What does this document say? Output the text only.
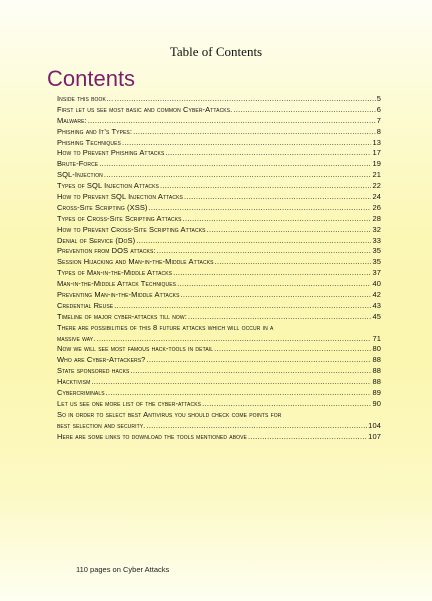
Table of Contents
Contents
Inside this book… .....	5
First let us see most basic and common Cyber-Attacks. .....	6
Malware: .....	7
Phishing and It’s Types: .....	8
Phishing Techniques .....	13
How to Prevent Phishing Attacks .....	17
Brute-Force .....	19
SQL-Injection .....	21
Types of SQL Injection Attacks .....	22
How to Prevent SQL Injection Attacks .....	24
Cross-Site Scripting (XSS) .....	26
Types of Cross-Site Scripting Attacks .....	28
How to Prevent Cross-Site Scripting Attacks .....	32
Denial of Service (DoS) .....	33
Prevention from DOS attacks: .....	35
Session Hijacking and Man-in-the-Middle Attacks .....	35
Types of Man-in-the-Middle Attacks .....	37
Man-in-the-Middle Attack Techniques .....	40
Preventing Man-in-the-Middle Attacks .....	42
Credential Reuse .....	43
Timeline of major cyber-attacks till now: .....	45
There are possibilities of this 8 future attacks which will occur in a
massive way. .....	71
Now we will see most famous hack-tools in detail .....	80
Who are Cyber-Attackers? .....	88
State sponsored hacks .....	88
Hacktivism .....	88
Cybercriminals .....	89
Let us see one more list of the cyber-attacks .....	90
So in order to select best Antivirus you should check come points for
best selection and security. .....	104
Here are some links to download the tools mentioned above .....	107
110 pages on Cyber Attacks
